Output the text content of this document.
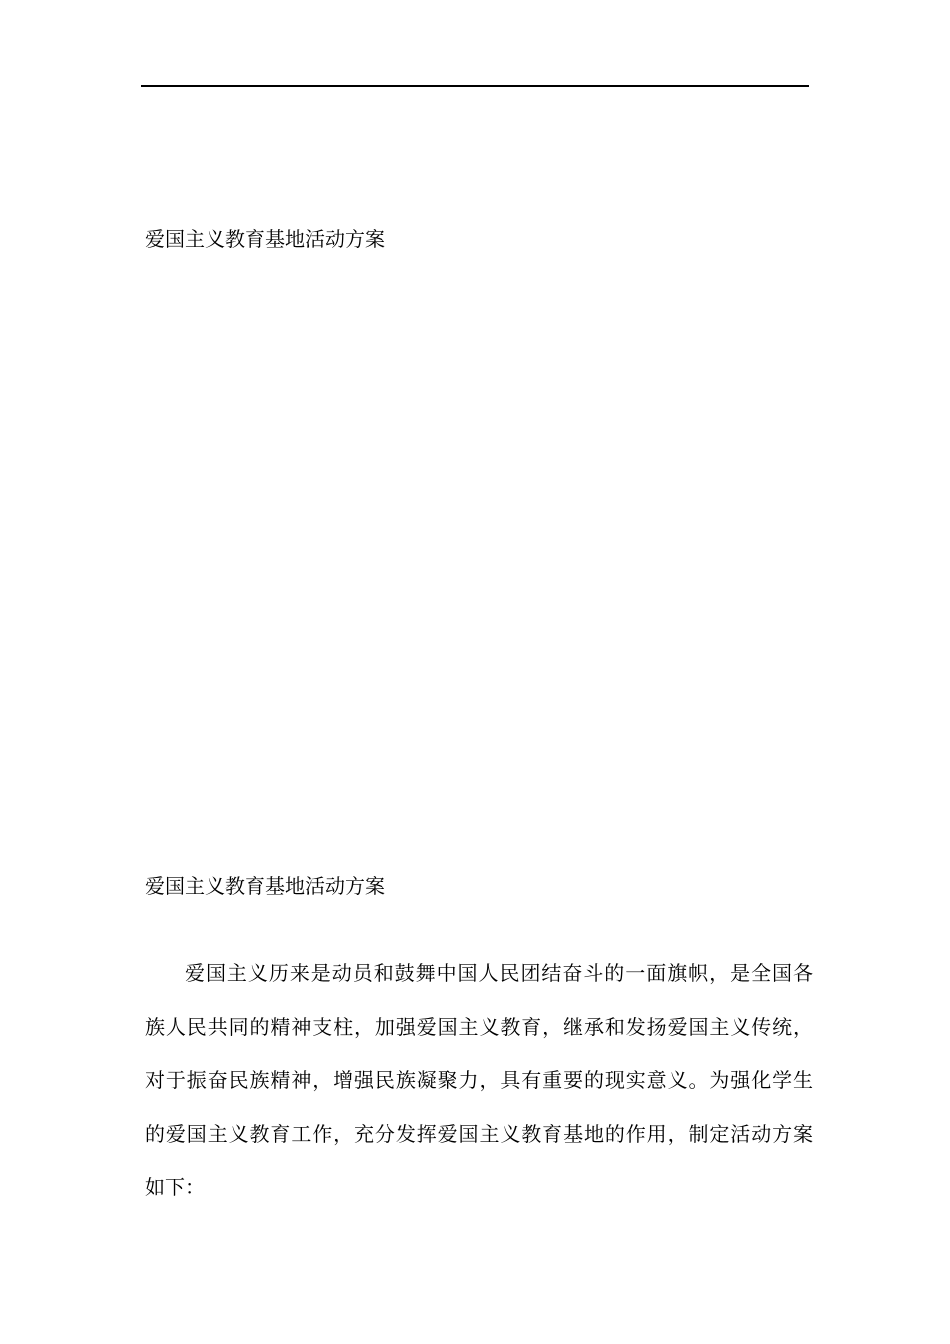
爱国主义教育基地活动方案
爱国主义教育基地活动方案
爱国主义历来是动员和鼓舞中国人民团结奋斗的一面旗帜，是全国各
族人民共同的精神支柱，加强爱国主义教育，继承和发扬爱国主义传统，
对于振奋民族精神，增强民族凝聚力，具有重要的现实意义。为强化学生
的爱国主义教育工作，充分发挥爱国主义教育基地的作用，制定活动方案
如下：
